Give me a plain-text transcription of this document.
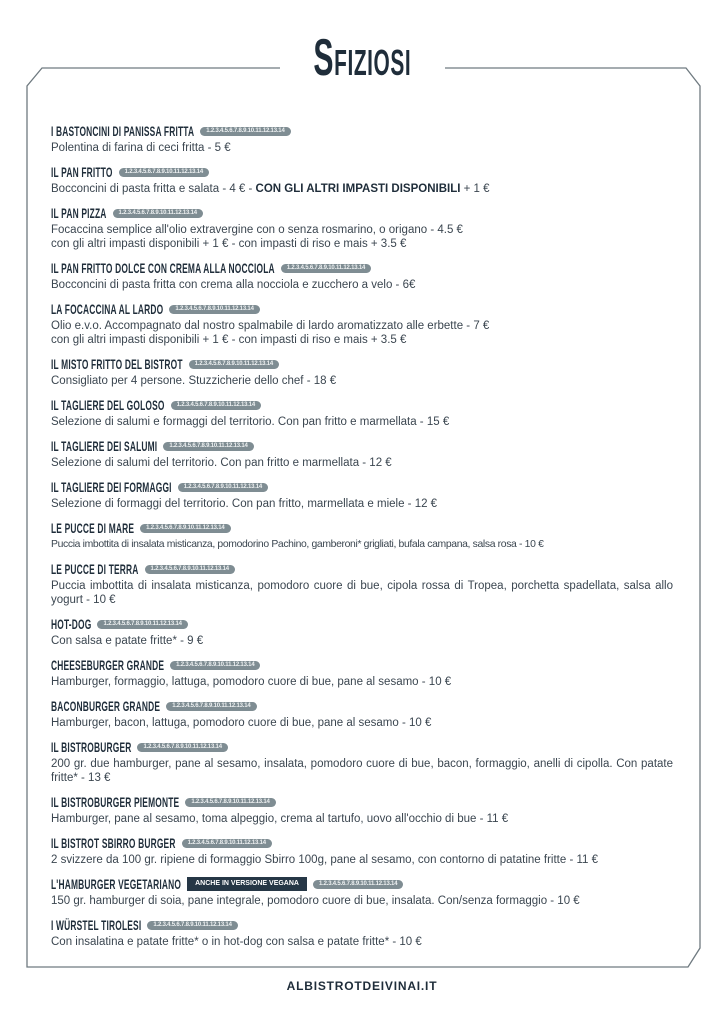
Sfiziosi
I BASTONCINI DI PANISSA FRITTA	1.2.3.4.5.6.7.8.9.10.11.12.13.14
Polentina di farina di ceci fritta - 5 €
IL PAN FRITTO	1.2.3.4.5.6.7.8.9.10.11.12.13.14
Bocconcini di pasta fritta e salata - 4 € - CON GLI ALTRI IMPASTI DISPONIBILI + 1 €
IL PAN PIZZA	1.2.3.4.5.6.7.8.9.10.11.12.13.14
Focaccina semplice all'olio extravergine con o senza rosmarino, o origano - 4.5 €
con gli altri impasti disponibili + 1 € - con impasti di riso e mais + 3.5 €
IL PAN FRITTO DOLCE CON CREMA ALLA NOCCIOLA	1.2.3.4.5.6.7.8.9.10.11.12.13.14
Bocconcini di pasta fritta con crema alla nocciola e zucchero a velo - 6€
LA FOCACCINA AL LARDO	1.2.3.4.5.6.7.8.9.10.11.12.13.14
Olio e.v.o. Accompagnato dal nostro spalmabile di lardo aromatizzato alle erbette - 7 €
con gli altri impasti disponibili + 1 € - con impasti di riso e mais + 3.5 €
IL MISTO FRITTO DEL BISTROT	1.2.3.4.5.6.7.8.9.10.11.12.13.14
Consigliato per 4 persone. Stuzzicherie dello chef - 18 €
IL TAGLIERE DEL GOLOSO	1.2.3.4.5.6.7.8.9.10.11.12.13.14
Selezione di salumi e formaggi del territorio. Con pan fritto e marmellata - 15 €
IL TAGLIERE DEI SALUMI	1.2.3.4.5.6.7.8.9.10.11.12.13.14
Selezione di salumi del territorio. Con pan fritto e marmellata - 12 €
IL TAGLIERE DEI FORMAGGI	1.2.3.4.5.6.7.8.9.10.11.12.13.14
Selezione di formaggi del territorio. Con pan fritto, marmellata e miele - 12 €
LE PUCCE DI MARE	1.2.3.4.5.6.7.8.9.10.11.12.13.14
Puccia imbottita di insalata misticanza, pomodorino Pachino, gamberoni* grigliati, bufala campana, salsa rosa - 10 €
LE PUCCE DI TERRA	1.2.3.4.5.6.7.8.9.10.11.12.13.14
Puccia imbottita di insalata misticanza, pomodoro cuore di bue, cipola rossa di Tropea, porchetta spadellata, salsa allo yogurt - 10 €
HOT-DOG	1.2.3.4.5.6.7.8.9.10.11.12.13.14
Con salsa e patate fritte* - 9 €
CHEESEBURGER GRANDE	1.2.3.4.5.6.7.8.9.10.11.12.13.14
Hamburger, formaggio, lattuga, pomodoro cuore di bue, pane al sesamo - 10 €
BACONBURGER GRANDE	1.2.3.4.5.6.7.8.9.10.11.12.13.14
Hamburger, bacon, lattuga, pomodoro cuore di bue, pane al sesamo - 10 €
IL BISTROBURGER	1.2.3.4.5.6.7.8.9.10.11.12.13.14
200 gr. due hamburger, pane al sesamo, insalata, pomodoro cuore di bue, bacon, formaggio, anelli di cipolla. Con patate fritte* - 13 €
IL BISTROBURGER PIEMONTE	1.2.3.4.5.6.7.8.9.10.11.12.13.14
Hamburger, pane al sesamo, toma alpeggio, crema al tartufo, uovo all'occhio di bue - 11 €
IL BISTROT SBIRRO BURGER	1.2.3.4.5.6.7.8.9.10.11.12.13.14
2 svizzere da 100 gr. ripiene di formaggio Sbirro 100g, pane al sesamo, con contorno di patatine fritte - 11 €
L'HAMBURGER VEGETARIANO	ANCHE IN VERSIONE VEGANA	1.2.3.4.5.6.7.8.9.10.11.12.13.14
150 gr. hamburger di soia, pane integrale, pomodoro cuore di bue, insalata. Con/senza formaggio - 10 €
I WÜRSTEL TIROLESI	1.2.3.4.5.6.7.8.9.10.11.12.13.14
Con insalatina e patate fritte* o in hot-dog con salsa e patate fritte* - 10 €
ALBISTROTDEIVINAI.IT
